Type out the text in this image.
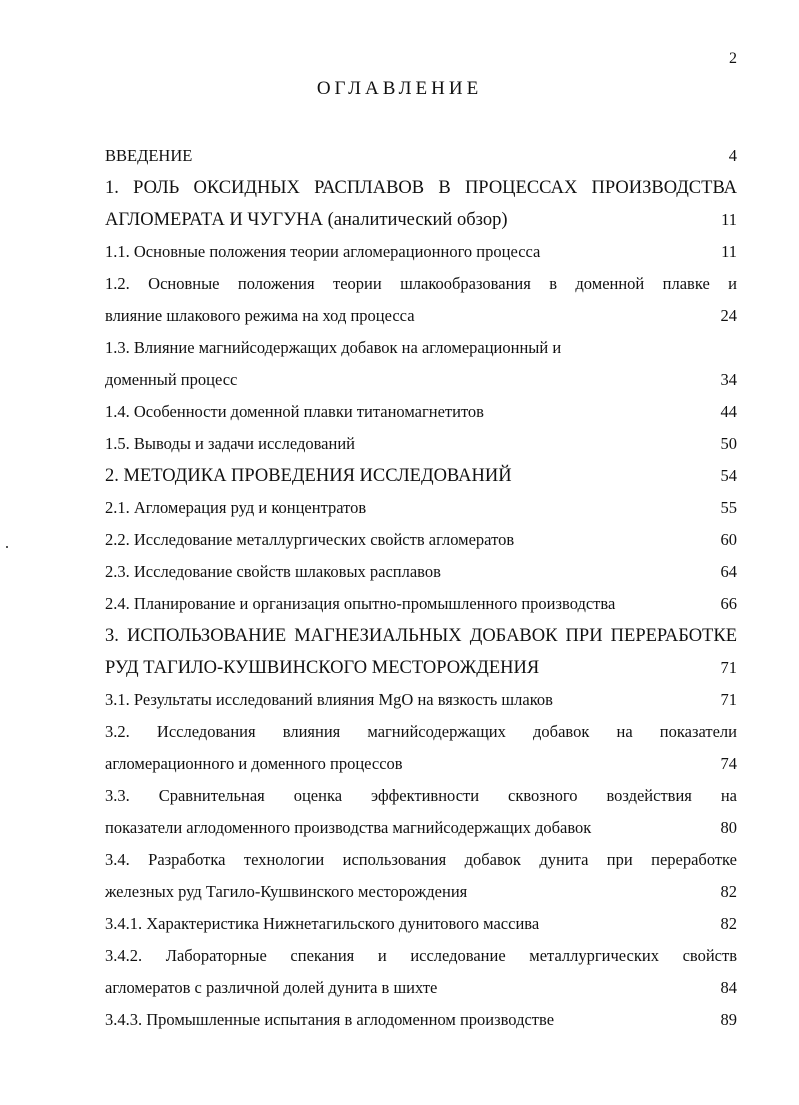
2
ОГЛАВЛЕНИЕ
ВВЕДЕНИЕ	4
1. РОЛЬ ОКСИДНЫХ РАСПЛАВОВ В ПРОЦЕССАХ ПРОИЗВОДСТВА
АГЛОМЕРАТА И ЧУГУНА (аналитический обзор)	11
1.1. Основные положения теории агломерационного процесса	11
1.2. Основные положения теории шлакообразования в доменной плавке и
влияние шлакового режима на ход процесса	24
1.3. Влияние магнийсодержащих добавок на агломерационный и
доменный процесс	34
1.4. Особенности доменной плавки титаномагнетитов	44
1.5. Выводы и задачи исследований	50
2. МЕТОДИКА ПРОВЕДЕНИЯ ИССЛЕДОВАНИЙ	54
2.1. Агломерация руд и концентратов	55
2.2. Исследование металлургических свойств агломератов	60
2.3. Исследование свойств шлаковых расплавов	64
2.4. Планирование и организация опытно-промышленного производства	66
3. ИСПОЛЬЗОВАНИЕ МАГНЕЗИАЛЬНЫХ ДОБАВОК ПРИ ПЕРЕРАБОТКЕ
РУД ТАГИЛО-КУШВИНСКОГО МЕСТОРОЖДЕНИЯ	71
3.1. Результаты исследований влияния MgO на вязкость шлаков	71
3.2. Исследования влияния магнийсодержащих добавок на показатели
агломерационного и доменного процессов	74
3.3. Сравнительная оценка эффективности сквозного воздействия на
показатели аглодоменного производства магнийсодержащих добавок	80
3.4. Разработка технологии использования добавок дунита при переработке
железных руд Тагило-Кушвинского месторождения	82
3.4.1. Характеристика Нижнетагильского дунитового массива	82
3.4.2. Лабораторные спекания и исследование металлургических свойств
агломератов с различной долей дунита в шихте	84
3.4.3. Промышленные испытания в аглодоменном производстве	89
